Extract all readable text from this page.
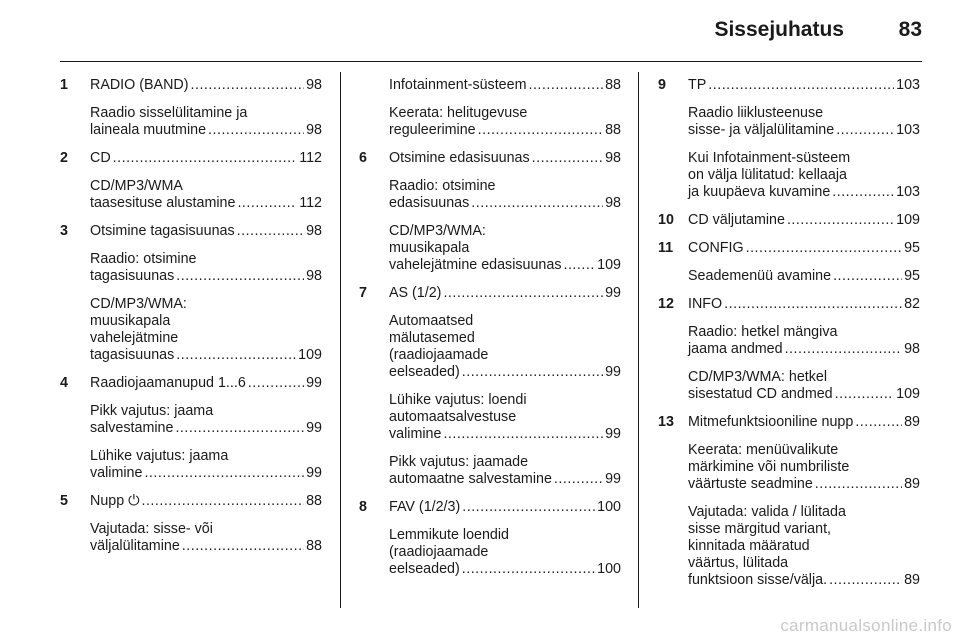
Sissejuhatus	83
1 RADIO (BAND) .....	98
Raadio sisselülitamine ja
laineala muutmine .....	98
2 CD .....	112
CD/MP3/WMA
taasesituse alustamine .....	112
3 Otsimine tagasisuunas .....	98
Raadio: otsimine
tagasisuunas .....	98
CD/MP3/WMA:
muusikapala
vahelejätmine
tagasisuunas .....	109
4 Raadiojaamanupud 1...6 .....	99
Pikk vajutus: jaama
salvestamine .....	99
Lühike vajutus: jaama
valimine .....	99
5 Nupp ⏻ .....	88
Vajutada: sisse- või
väljalülitamine .....	88
Infotainment-süsteem .....	88
Keerata: helitugevuse
reguleerimine .....	88
6 Otsimine edasisuunas .....	98
Raadio: otsimine
edasisuunas .....	98
CD/MP3/WMA:
muusikapala
vahelejätmine edasisuunas ..... 109
7 AS (1/2) .....	99
Automaatsed
mälutasemed
(raadiojaamade
eelseaded) .....	99
Lühike vajutus: loendi
automaatsalvestuse
valimine .....	99
Pikk vajutus: jaamade
automaatne salvestamine .....	99
8 FAV (1/2/3) .....	100
Lemmikute loendid
(raadiojaamade
eelseaded) .....	100
9 TP .....	103
Raadio liiklusteenuse
sisse- ja väljalülitamine .....	103
Kui Infotainment-süsteem
on välja lülitatud: kellaaja
ja kuupäeva kuvamine .....	103
10 CD väljutamine .....	109
11 CONFIG .....	95
Seademenüü avamine .....	95
12 INFO .....	82
Raadio: hetkel mängiva
jaama andmed .....	98
CD/MP3/WMA: hetkel
sisestatud CD andmed .....	109
13 Mitmefunktsiooniline nupp .....	89
Keerata: menüüvalikute
märkimine või numbriliste
väärtuste seadmine .....	89
Vajutada: valida / lülitada
sisse märgitud variant,
kinnitada määratud
väärtus, lülitada
funktsioon sisse/välja. .....	89
carmanualsonline.info
